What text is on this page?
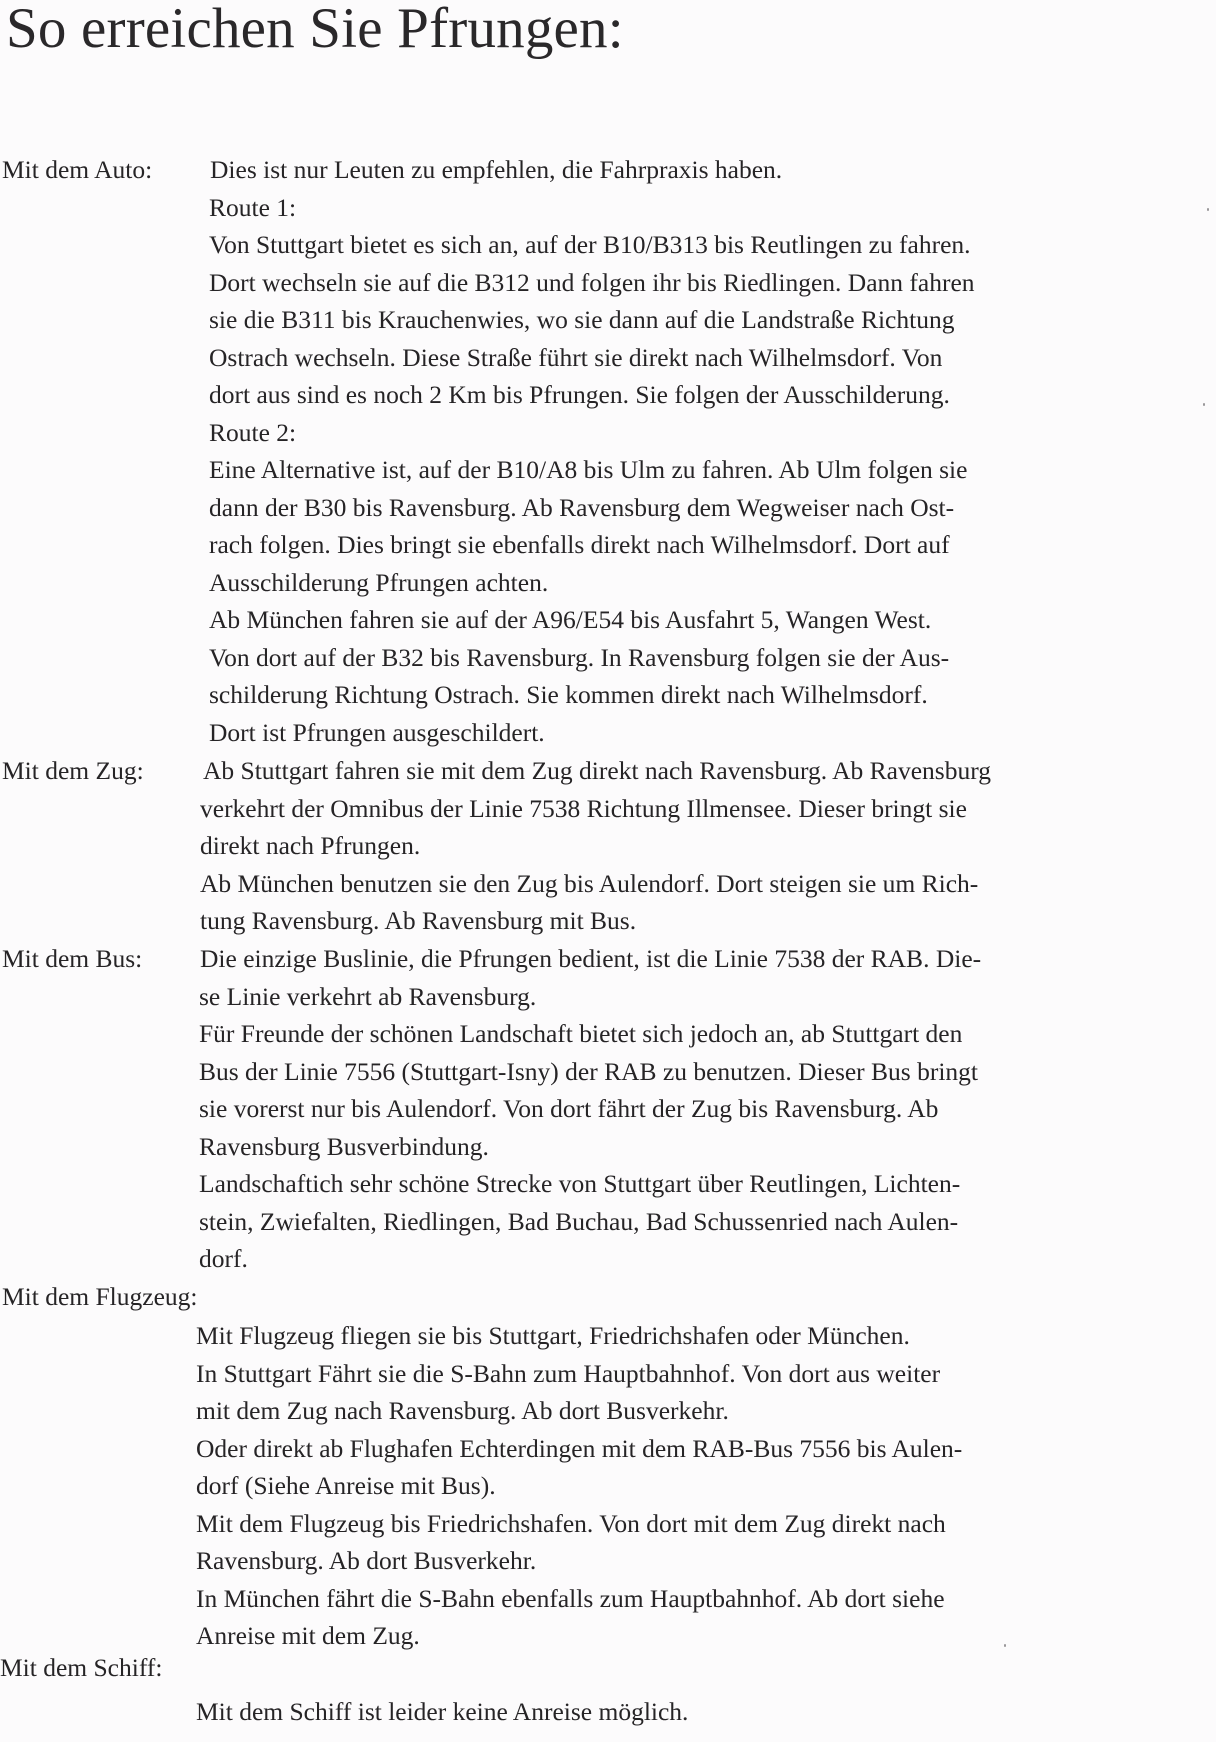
So erreichen Sie Pfrungen:
Mit dem Auto: Dies ist nur Leuten zu empfehlen, die Fahrpraxis haben.
Route 1:
Von Stuttgart bietet es sich an, auf der B10/B313 bis Reutlingen zu fahren.
Dort wechseln sie auf die B312 und folgen ihr bis Riedlingen. Dann fahren
sie die B311 bis Krauchenwies, wo sie dann auf die Landstraße Richtung
Ostrach wechseln. Diese Straße führt sie direkt nach Wilhelmsdorf. Von
dort aus sind es noch 2 Km bis Pfrungen. Sie folgen der Ausschilderung.
Route 2:
Eine Alternative ist, auf der B10/A8 bis Ulm zu fahren. Ab Ulm folgen sie
dann der B30 bis Ravensburg. Ab Ravensburg dem Wegweiser nach Ost-
rach folgen. Dies bringt sie ebenfalls direkt nach Wilhelmsdorf. Dort auf
Ausschilderung Pfrungen achten.
Ab München fahren sie auf der A96/E54 bis Ausfahrt 5, Wangen West.
Von dort auf der B32 bis Ravensburg. In Ravensburg folgen sie der Aus-
schilderung Richtung Ostrach. Sie kommen direkt nach Wilhelmsdorf.
Dort ist Pfrungen ausgeschildert.
Mit dem Zug: Ab Stuttgart fahren sie mit dem Zug direkt nach Ravensburg. Ab Ravensburg
verkehrt der Omnibus der Linie 7538 Richtung Illmensee. Dieser bringt sie
direkt nach Pfrungen.
Ab München benutzen sie den Zug bis Aulendorf. Dort steigen sie um Rich-
tung Ravensburg. Ab Ravensburg mit Bus.
Mit dem Bus: Die einzige Buslinie, die Pfrungen bedient, ist die Linie 7538 der RAB. Die-
se Linie verkehrt ab Ravensburg.
Für Freunde der schönen Landschaft bietet sich jedoch an, ab Stuttgart den
Bus der Linie 7556 (Stuttgart-Isny) der RAB zu benutzen. Dieser Bus bringt
sie vorerst nur bis Aulendorf. Von dort fährt der Zug bis Ravensburg. Ab
Ravensburg Busverbindung.
Landschaftich sehr schöne Strecke von Stuttgart über Reutlingen, Lichten-
stein, Zwiefalten, Riedlingen, Bad Buchau, Bad Schussenried nach Aulen-
dorf.
Mit dem Flugzeug:
Mit Flugzeug fliegen sie bis Stuttgart, Friedrichshafen oder München.
In Stuttgart Fährt sie die S-Bahn zum Hauptbahnhof. Von dort aus weiter
mit dem Zug nach Ravensburg. Ab dort Busverkehr.
Oder direkt ab Flughafen Echterdingen mit dem RAB-Bus 7556 bis Aulen-
dorf (Siehe Anreise mit Bus).
Mit dem Flugzeug bis Friedrichshafen. Von dort mit dem Zug direkt nach
Ravensburg. Ab dort Busverkehr.
In München fährt die S-Bahn ebenfalls zum Hauptbahnhof. Ab dort siehe
Anreise mit dem Zug.
Mit dem Schiff:
Mit dem Schiff ist leider keine Anreise möglich.
